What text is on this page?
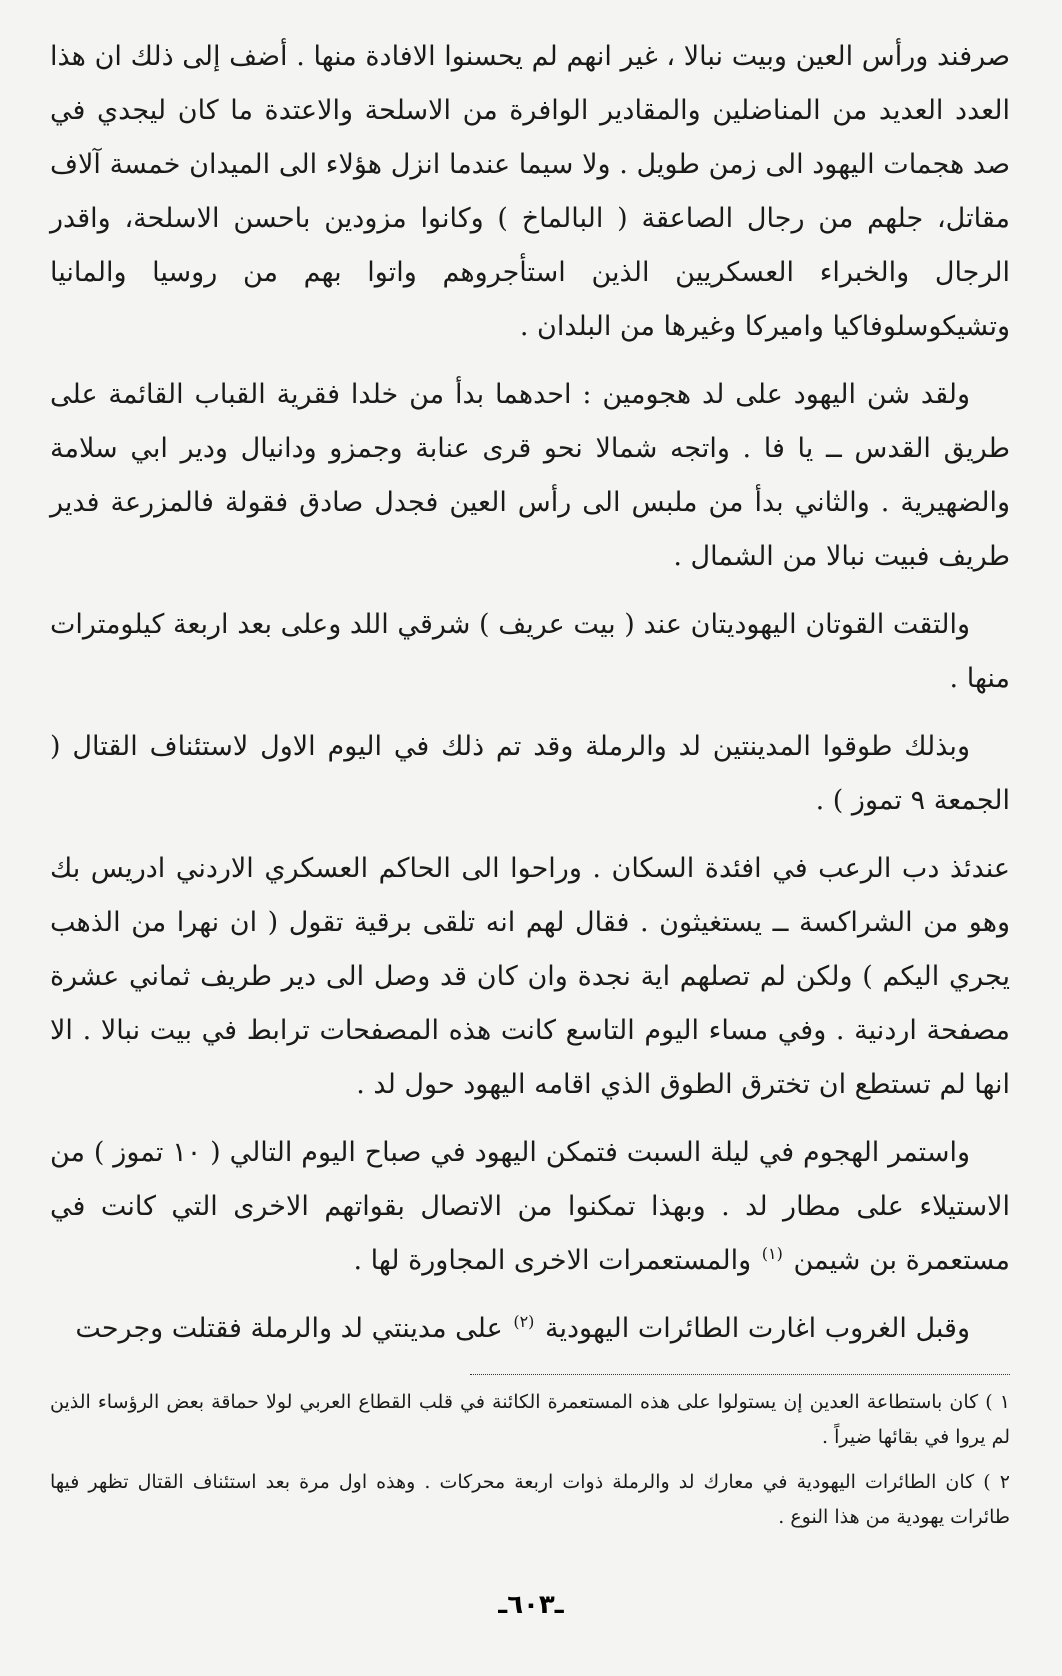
صرفند ورأس العين وبيت نبالا ، غير انهم لم يحسنوا الافادة منها . أضف إلى ذلك ان هذا العدد العديد من المناضلين والمقادير الوافرة من الاسلحة والاعتدة ما كان ليجدي في صد هجمات اليهود الى زمن طويل . ولا سيما عندما انزل هؤلاء الى الميدان خمسة آلاف مقاتل، جلهم من رجال الصاعقة ( البالماخ ) وكانوا مزودين باحسن الاسلحة، واقدر الرجال والخبراء العسكريين الذين استأجروهم واتوا بهم من روسيا والمانيا وتشيكوسلوفاكيا واميركا وغيرها من البلدان .

ولقد شن اليهود على لد هجومين : احدهما بدأ من خلدا فقرية القباب القائمة على طريق القدس ــ يا فا . واتجه شمالا نحو قرى عنابة وجمزو ودانيال ودير ابي سلامة والضهيرية . والثاني بدأ من ملبس الى رأس العين فجدل صادق فقولة فالمزرعة فدير طريف فبيت نبالا من الشمال .

والتقت القوتان اليهوديتان عند ( بيت عريف ) شرقي اللد وعلى بعد اربعة كيلومترات منها .

وبذلك طوقوا المدينتين لد والرملة وقد تم ذلك في اليوم الاول لاستئناف القتال ( الجمعة ٩ تموز ) .

عندئذ دب الرعب في افئدة السكان . وراحوا الى الحاكم العسكري الاردني ادريس بك وهو من الشراكسة ــ يستغيثون . فقال لهم انه تلقى برقية تقول ( ان نهرا من الذهب يجري اليكم ) ولكن لم تصلهم اية نجدة وان كان قد وصل الى دير طريف ثماني عشرة مصفحة اردنية . وفي مساء اليوم التاسع كانت هذه المصفحات ترابط في بيت نبالا . الا انها لم تستطع ان تخترق الطوق الذي اقامه اليهود حول لد .

واستمر الهجوم في ليلة السبت فتمكن اليهود في صباح اليوم التالي ( ١٠ تموز ) من الاستيلاء على مطار لد . وبهذا تمكنوا من الاتصال بقواتهم الاخرى التي كانت في مستعمرة بن شيمن $^{(١)}$ والمستعمرات الاخرى المجاورة لها .

وقبل الغروب اغارت الطائرات اليهودية $^{(٢)}$ على مدينتي لد والرملة فقتلت وجرحت

١ ) كان باستطاعة العدين إن يستولوا على هذه المستعمرة الكائنة في قلب القطاع العربي لولا حماقة بعض الرؤساء الذين لم يروا في بقائها ضيراً .

٢ ) كان الطائرات اليهودية في معارك لد والرملة ذوات اربعة محركات . وهذه اول مرة بعد استئناف القتال تظهر فيها طائرات يهودية من هذا النوع .

ـ٦٠٣ـ
